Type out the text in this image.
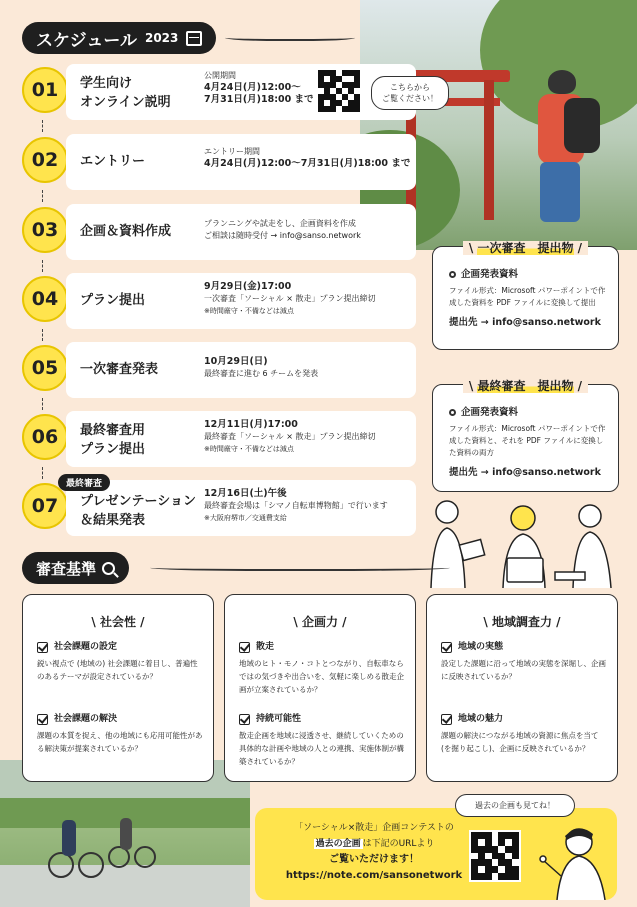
スケジュール 2023
01	学生向け
オンライン説明
公開期間
4月24日(月)12:00〜
7月31日(月)18:00 まで
こちらから
ご覧ください！
02	エントリー
エントリー期間
4月24日(月)12:00〜7月31日(月)18:00 まで
03	企画＆資料作成
プランニングや試走をし、企画資料を作成
ご相談は随時受付 → info@sanso.network
04	プラン提出
9月29日(金)17:00
一次審査「ソーシャル × 散走」プラン提出締切
※時間厳守・不備などは減点
05	一次審査発表
10月29日(日)
最終審査に進む 6 チームを発表
06	最終審査用
プラン提出
12月11日(月)17:00
最終審査「ソーシャル × 散走」プラン提出締切
※時間厳守・不備などは減点
07	プレゼンテーション
＆結果発表
12月16日(土)午後
最終審査会場は「シマノ自転車博物館」で行います
※大阪府堺市／交通費支給
最終審査
\ 一次審査　提出物 /
企画発表資料
ファイル形式：Microsoft パワーポイントで作成した資料を PDF ファイルに変換して提出
提出先 → info@sanso.network
\ 最終審査　提出物 /
企画発表資料
ファイル形式：Microsoft パワーポイントで作成した資料と、それを PDF ファイルに変換した資料の両方
提出先 → info@sanso.network
審査基準
\ 社会性 /
社会課題の設定
鋭い視点で (地域の) 社会課題に着目し、普遍性のあるテーマが設定されているか？
社会課題の解決
課題の本質を捉え、他の地域にも応用可能性がある解決策が提案されているか？
\ 企画力 /
散走
地域のヒト・モノ・コトとつながり、自転車ならではの気づきや出合いを、気軽に楽しめる散走企画が立案されているか？
持続可能性
散走企画を地域に浸透させ、継続していくための具体的な計画や地域の人との連携、実施体制が構築されているか？
\ 地域調査力 /
地域の実態
設定した課題に沿って地域の実態を深堀し、企画に反映されているか？
地域の魅力
課題の解決につながる地域の資源に焦点を当て (を掘り起こし)、企画に反映されているか？
「ソーシャル×散走」企画コンテストの
過去の企画 は下記のURLより
ご覧いただけます！
https://note.com/sansonetwork
過去の企画も見てね！
